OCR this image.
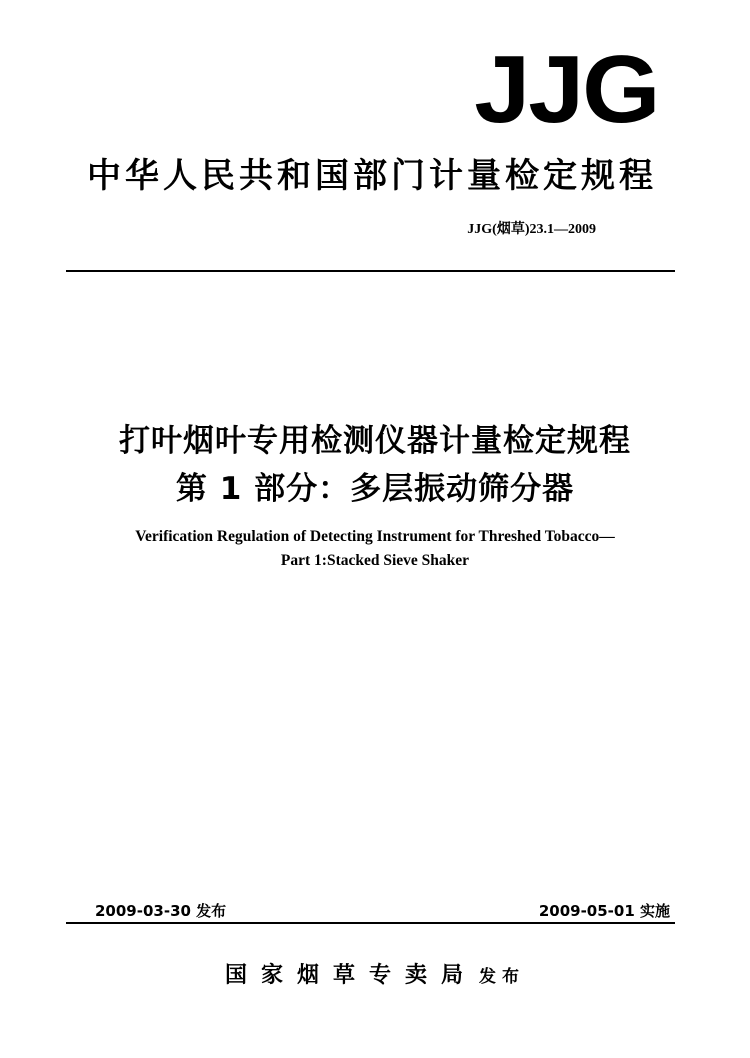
JJG
中华人民共和国部门计量检定规程
JJG(烟草)23.1—2009
打叶烟叶专用检测仪器计量检定规程
第 1 部分：多层振动筛分器
Verification Regulation of Detecting Instrument for Threshed Tobacco—
Part 1:Stacked Sieve Shaker
2009-03-30 发布	2009-05-01 实施
国家烟草专卖局 发布
